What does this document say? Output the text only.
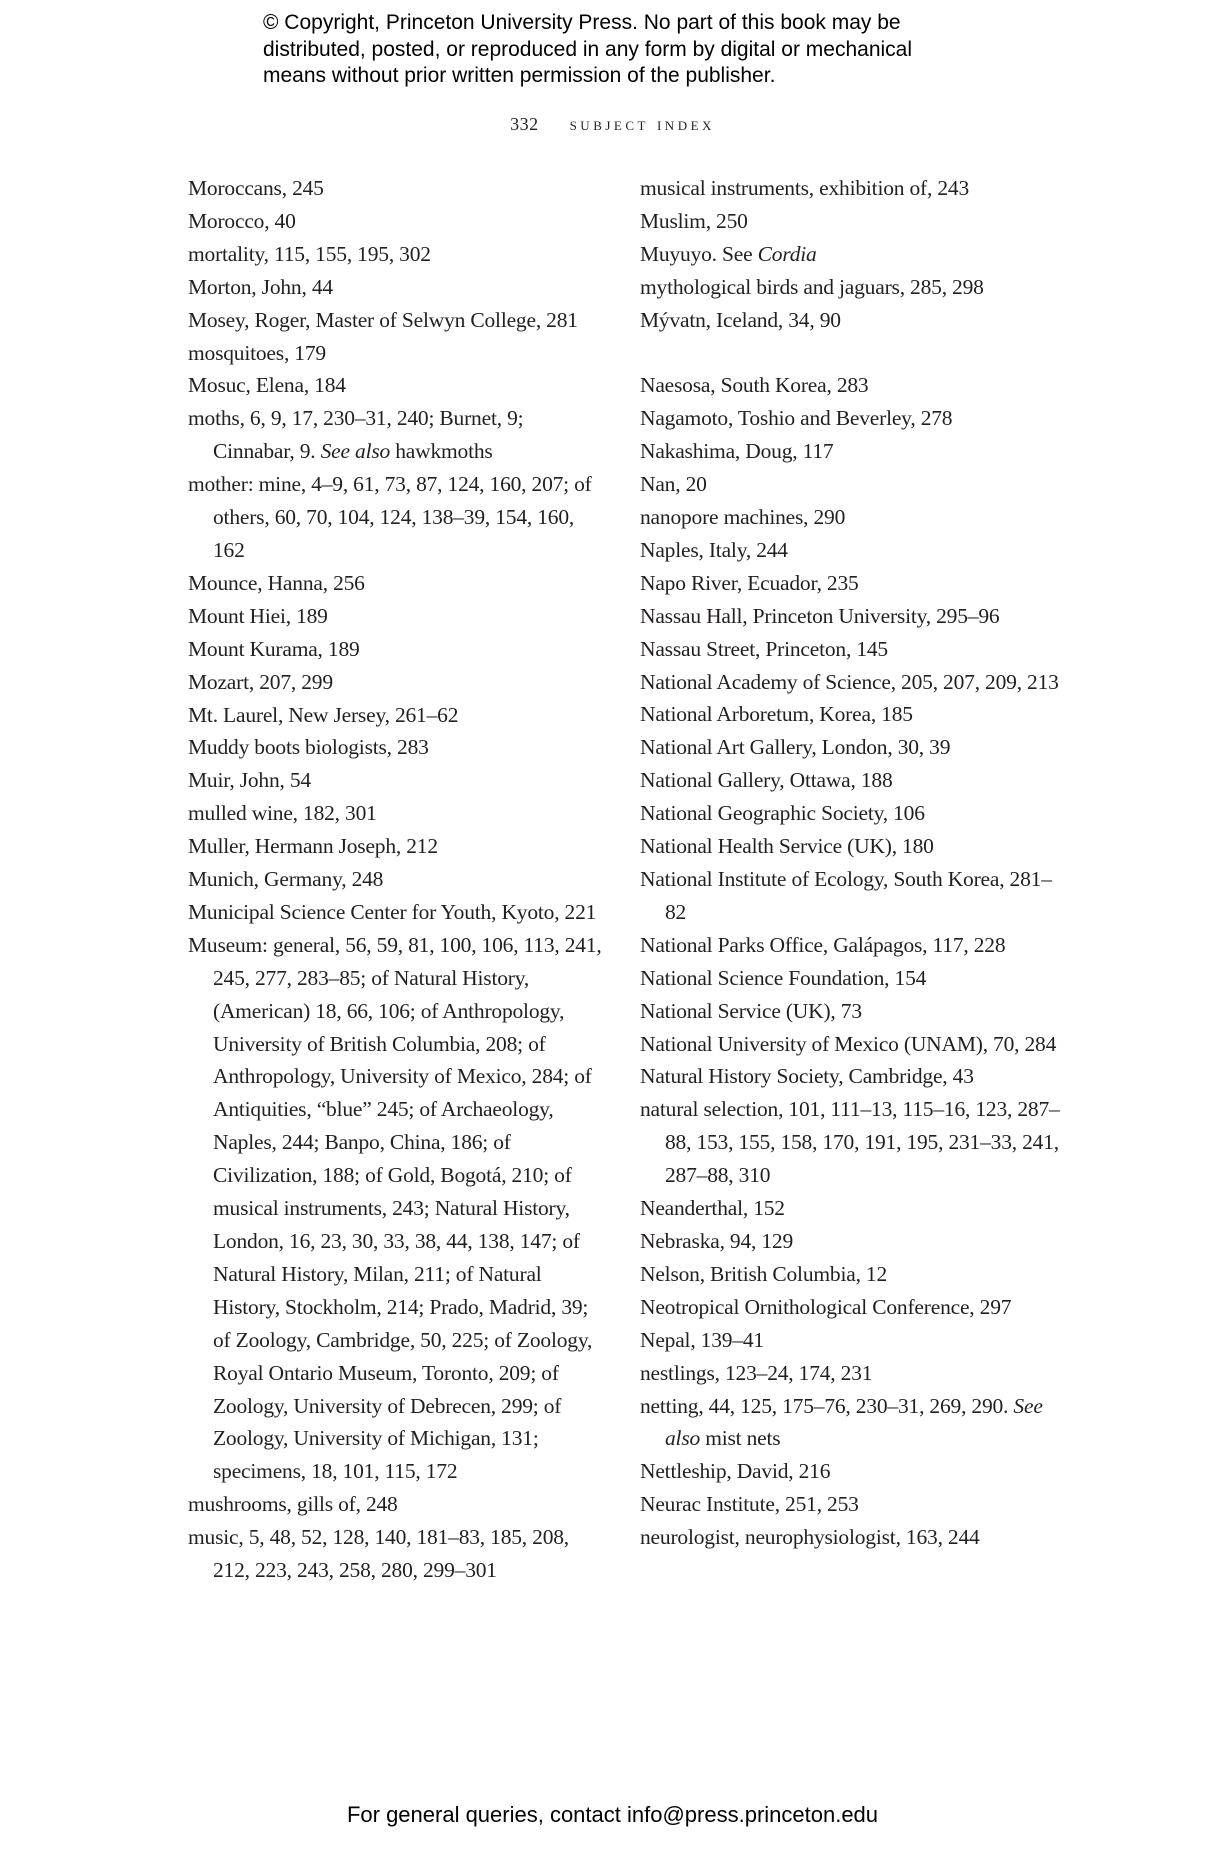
© Copyright, Princeton University Press. No part of this book may be
distributed, posted, or reproduced in any form by digital or mechanical
means without prior written permission of the publisher.
332 subject index

Moroccans, 245

Morocco, 40

mortality, 115, 155, 195, 302

Morton, John, 44

Mosey, Roger, Master of Selwyn College, 281

mosquitoes, 179

Mosuc, Elena, 184

moths, 6, 9, 17, 230–31, 240; Burnet, 9; Cinnabar, 9. See also hawkmoths

mother: mine, 4–9, 61, 73, 87, 124, 160, 207; of others, 60, 70, 104, 124, 138–39, 154, 160, 162

Mounce, Hanna, 256

Mount Hiei, 189

Mount Kurama, 189

Mozart, 207, 299

Mt. Laurel, New Jersey, 261–62

Muddy boots biologists, 283

Muir, John, 54

mulled wine, 182, 301

Muller, Hermann Joseph, 212

Munich, Germany, 248

Municipal Science Center for Youth, Kyoto, 221

Museum: general, 56, 59, 81, 100, 106, 113, 241, 245, 277, 283–85; of Natural History, (American) 18, 66, 106; of Anthropology, University of British Columbia, 208; of Anthropology, University of Mexico, 284; of Antiquities, “blue” 245; of Archaeology, Naples, 244; Banpo, China, 186; of Civilization, 188; of Gold, Bogotá, 210; of musical instruments, 243; Natural History, London, 16, 23, 30, 33, 38, 44, 138, 147; of Natural History, Milan, 211; of Natural History, Stockholm, 214; Prado, Madrid, 39; of Zoology, Cambridge, 50, 225; of Zoology, Royal Ontario Museum, Toronto, 209; of Zoology, University of Debrecen, 299; of Zoology, University of Michigan, 131; specimens, 18, 101, 115, 172

mushrooms, gills of, 248

music, 5, 48, 52, 128, 140, 181–83, 185, 208, 212, 223, 243, 258, 280, 299–301

musical instruments, exhibition of, 243

Muslim, 250

Muyuyo. See Cordia

mythological birds and jaguars, 285, 298

Mývatn, Iceland, 34, 90

Naesosa, South Korea, 283

Nagamoto, Toshio and Beverley, 278

Nakashima, Doug, 117

Nan, 20

nanopore machines, 290

Naples, Italy, 244

Napo River, Ecuador, 235

Nassau Hall, Princeton University, 295–96

Nassau Street, Princeton, 145

National Academy of Science, 205, 207, 209, 213

National Arboretum, Korea, 185

National Art Gallery, London, 30, 39

National Gallery, Ottawa, 188

National Geographic Society, 106

National Health Service (UK), 180

National Institute of Ecology, South Korea, 281–82

National Parks Office, Galápagos, 117, 228

National Science Foundation, 154

National Service (UK), 73

National University of Mexico (UNAM), 70, 284

Natural History Society, Cambridge, 43

natural selection, 101, 111–13, 115–16, 123, 287–88, 153, 155, 158, 170, 191, 195, 231–33, 241, 287–88, 310

Neanderthal, 152

Nebraska, 94, 129

Nelson, British Columbia, 12

Neotropical Ornithological Conference, 297

Nepal, 139–41

nestlings, 123–24, 174, 231

netting, 44, 125, 175–76, 230–31, 269, 290. See also mist nets

Nettleship, David, 216

Neurac Institute, 251, 253

neurologist, neurophysiologist, 163, 244

For general queries, contact info@press.princeton.edu
